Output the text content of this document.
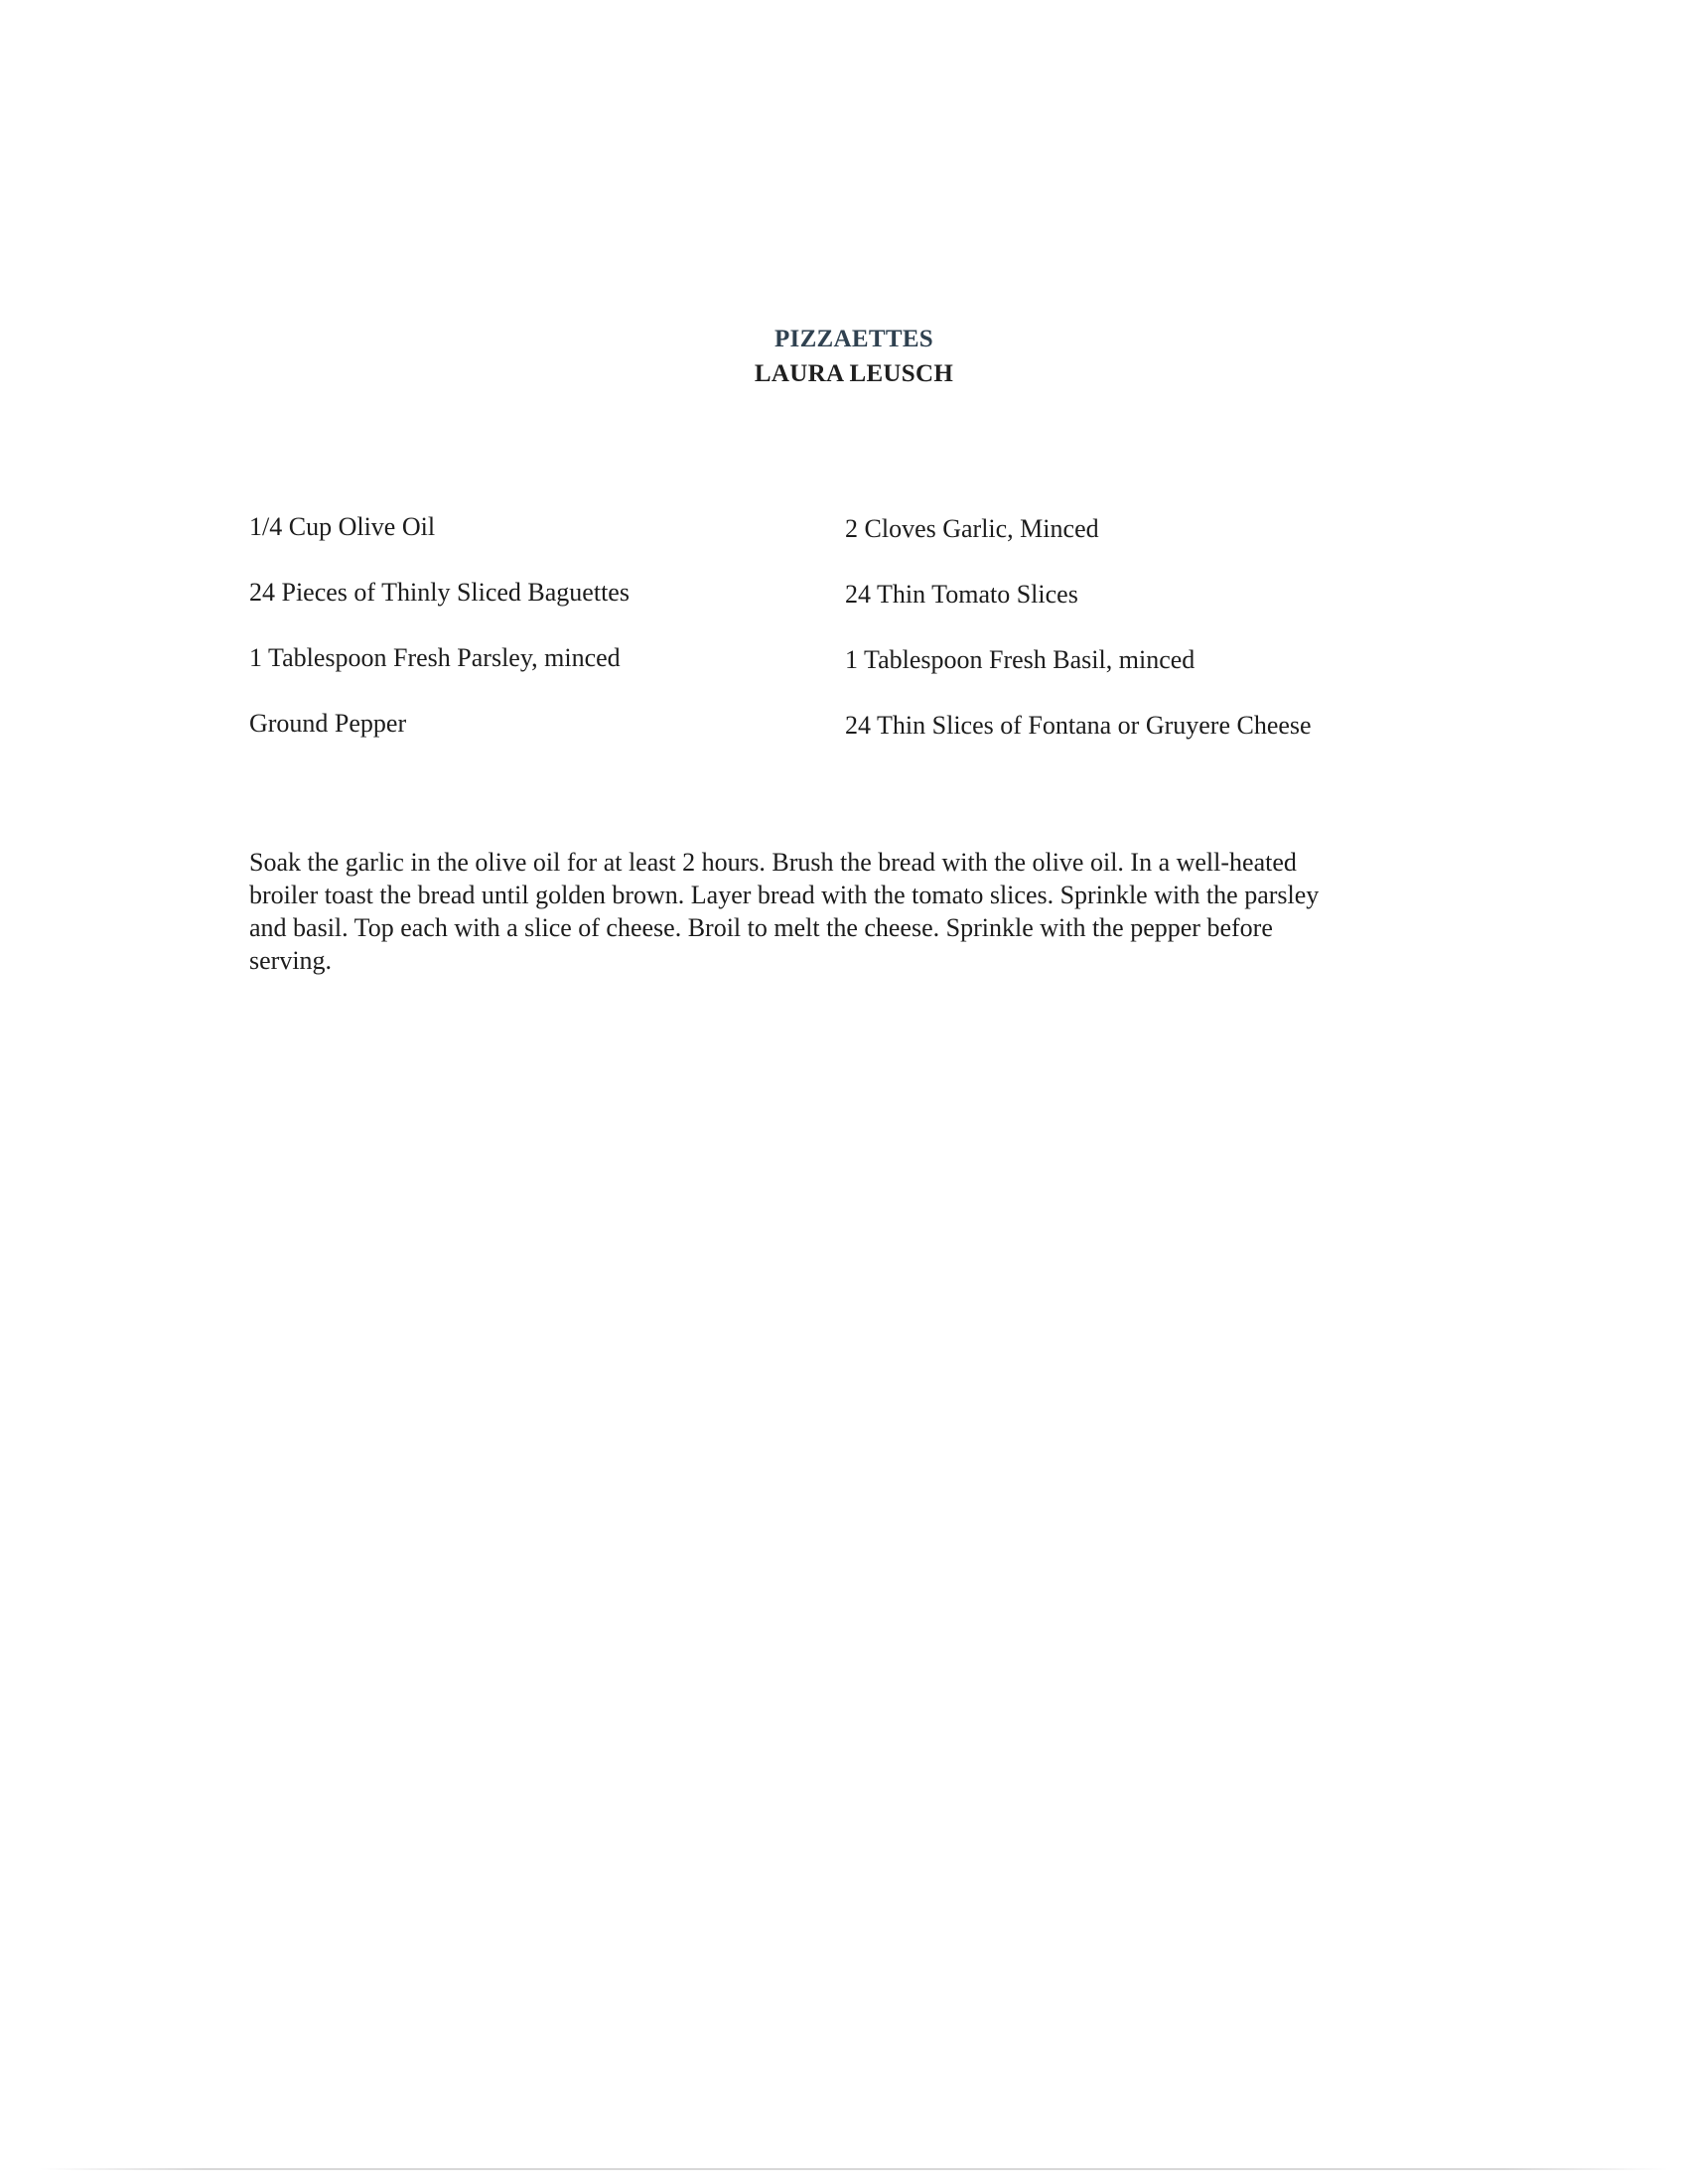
PIZZAETTES
LAURA LEUSCH
1/4 Cup Olive Oil	2 Cloves Garlic, Minced
24 Pieces of Thinly Sliced Baguettes	24 Thin Tomato Slices
1 Tablespoon Fresh Parsley, minced	1 Tablespoon Fresh Basil, minced
Ground Pepper	24 Thin Slices of Fontana or Gruyere Cheese

Soak the garlic in the olive oil for at least 2 hours. Brush the bread with the olive oil. In a well-heated
broiler toast the bread until golden brown. Layer bread with the tomato slices. Sprinkle with the parsley
and basil. Top each with a slice of cheese. Broil to melt the cheese. Sprinkle with the pepper before
serving.
